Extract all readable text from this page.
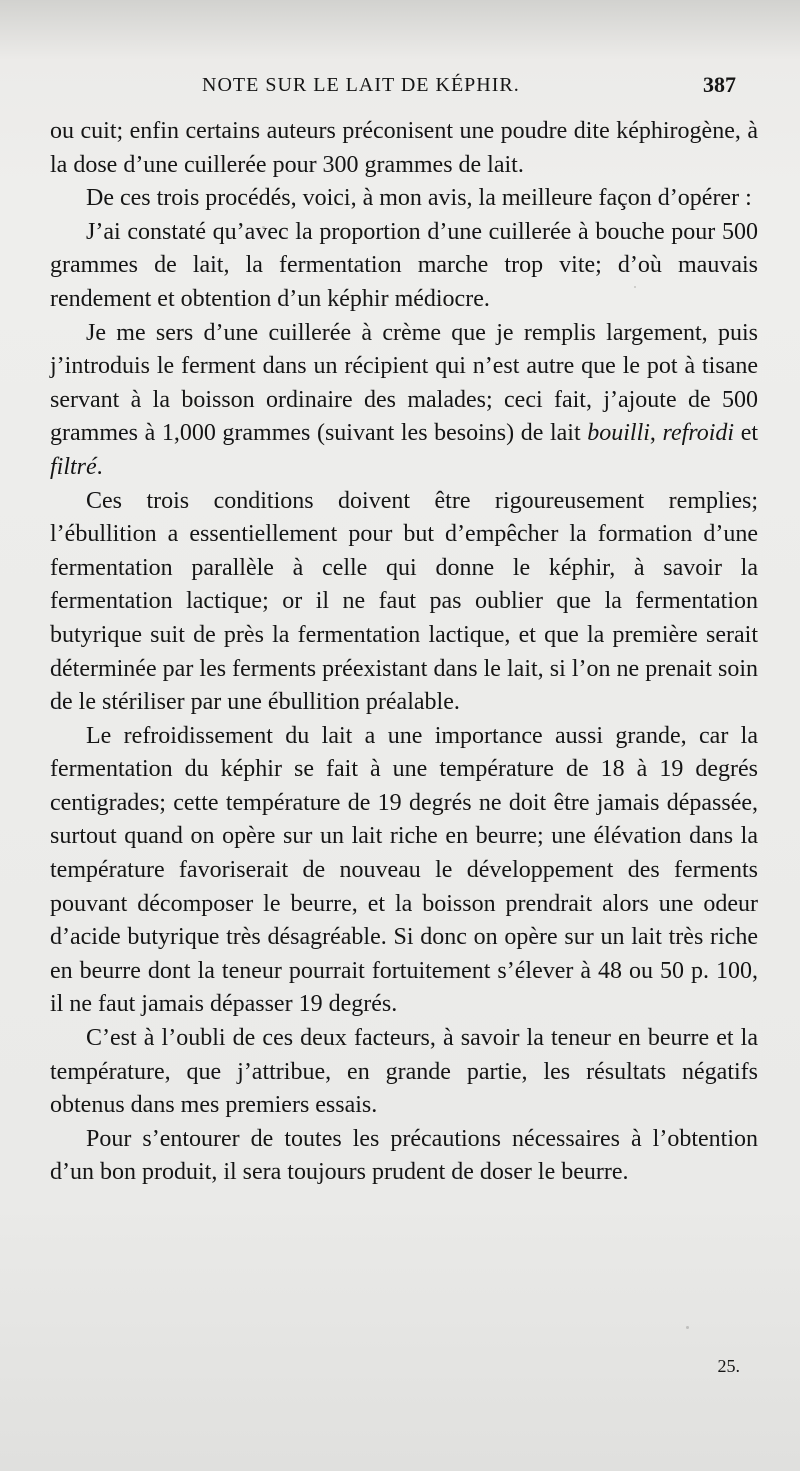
NOTE SUR LE LAIT DE KÉPHIR.	387

ou cuit; enfin certains auteurs préconisent une poudre dite képhirogène, à la dose d’une cuillerée pour 300 grammes de lait.

De ces trois procédés, voici, à mon avis, la meilleure façon d’opérer :

J’ai constaté qu’avec la proportion d’une cuillerée à bouche pour 500 grammes de lait, la fermentation marche trop vite; d’où mauvais rendement et obtention d’un képhir médiocre.

Je me sers d’une cuillerée à crème que je remplis largement, puis j’introduis le ferment dans un récipient qui n’est autre que le pot à tisane servant à la boisson ordinaire des malades; ceci fait, j’ajoute de 500 grammes à 1,000 grammes (suivant les besoins) de lait bouilli, refroidi et filtré.

Ces trois conditions doivent être rigoureusement remplies; l’ébullition a essentiellement pour but d’empêcher la formation d’une fermentation parallèle à celle qui donne le képhir, à savoir la fermentation lactique; or il ne faut pas oublier que la fermentation butyrique suit de près la fermentation lactique, et que la première serait déterminée par les ferments préexistant dans le lait, si l’on ne prenait soin de le stériliser par une ébullition préalable.

Le refroidissement du lait a une importance aussi grande, car la fermentation du képhir se fait à une température de 18 à 19 degrés centigrades; cette température de 19 degrés ne doit être jamais dépassée, surtout quand on opère sur un lait riche en beurre; une élévation dans la température favoriserait de nouveau le développement des ferments pouvant décomposer le beurre, et la boisson prendrait alors une odeur d’acide butyrique très désagréable. Si donc on opère sur un lait très riche en beurre dont la teneur pourrait fortuitement s’élever à 48 ou 50 p. 100, il ne faut jamais dépasser 19 degrés.

C’est à l’oubli de ces deux facteurs, à savoir la teneur en beurre et la température, que j’attribue, en grande partie, les résultats négatifs obtenus dans mes premiers essais.

Pour s’entourer de toutes les précautions nécessaires à l’obtention d’un bon produit, il sera toujours prudent de doser le beurre.

25.
